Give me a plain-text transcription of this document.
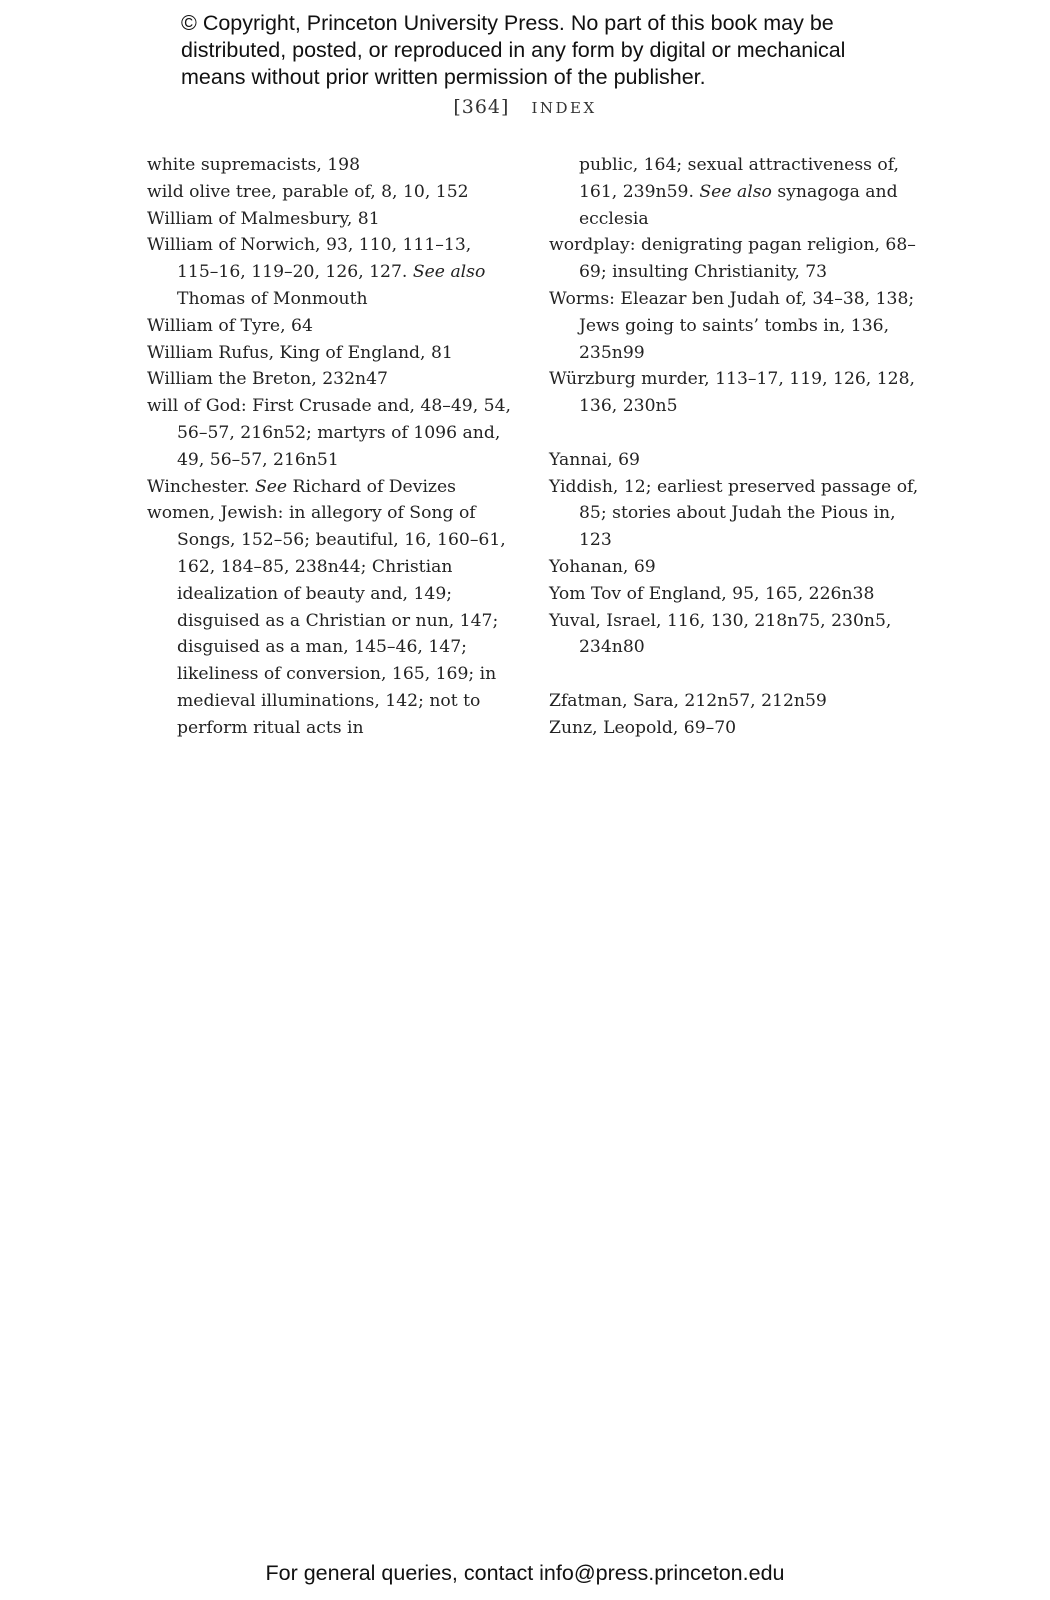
© Copyright, Princeton University Press. No part of this book may be distributed, posted, or reproduced in any form by digital or mechanical means without prior written permission of the publisher.
[364] INDEX
white supremacists, 198
wild olive tree, parable of, 8, 10, 152
William of Malmesbury, 81
William of Norwich, 93, 110, 111–13, 115–16, 119–20, 126, 127. See also Thomas of Monmouth
William of Tyre, 64
William Rufus, King of England, 81
William the Breton, 232n47
will of God: First Crusade and, 48–49, 54, 56–57, 216n52; martyrs of 1096 and, 49, 56–57, 216n51
Winchester. See Richard of Devizes
women, Jewish: in allegory of Song of Songs, 152–56; beautiful, 16, 160–61, 162, 184–85, 238n44; Christian idealization of beauty and, 149; disguised as a Christian or nun, 147; disguised as a man, 145–46, 147; likeliness of conversion, 165, 169; in medieval illuminations, 142; not to perform ritual acts in
public, 164; sexual attractiveness of, 161, 239n59. See also synagoga and ecclesia
wordplay: denigrating pagan religion, 68–69; insulting Christianity, 73
Worms: Eleazar ben Judah of, 34–38, 138; Jews going to saints’ tombs in, 136, 235n99
Würzburg murder, 113–17, 119, 126, 128, 136, 230n5
Yannai, 69
Yiddish, 12; earliest preserved passage of, 85; stories about Judah the Pious in, 123
Yohanan, 69
Yom Tov of England, 95, 165, 226n38
Yuval, Israel, 116, 130, 218n75, 230n5, 234n80
Zfatman, Sara, 212n57, 212n59
Zunz, Leopold, 69–70
For general queries, contact info@press.princeton.edu
